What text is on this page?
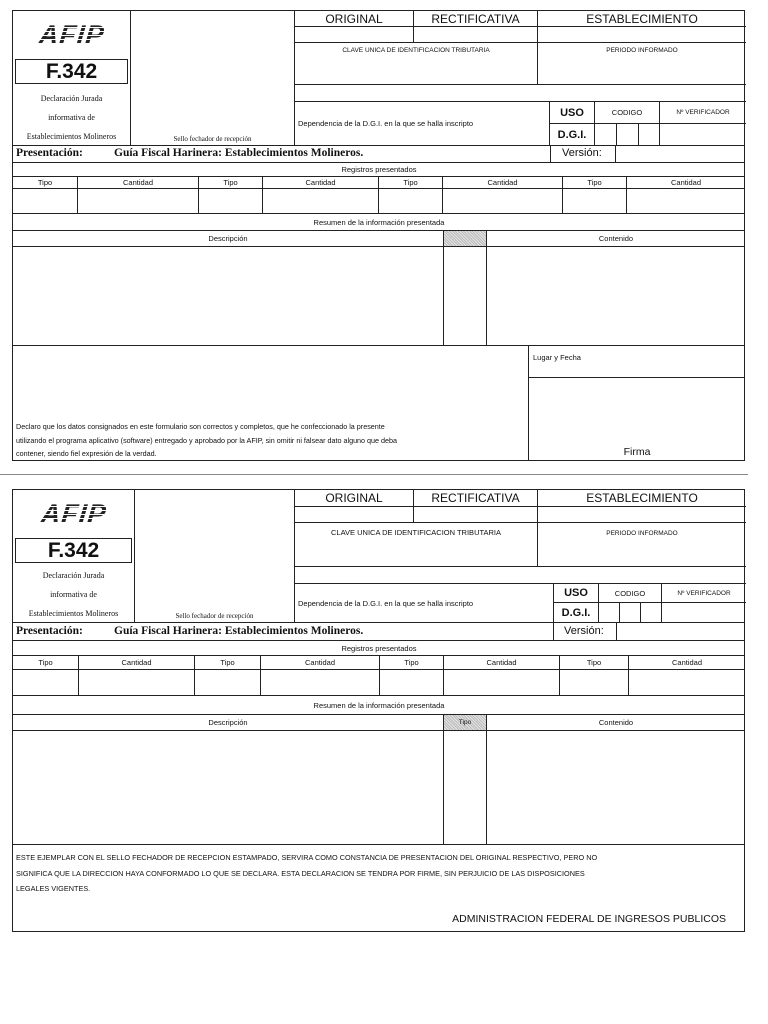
AFIP
F.342
Declaración Jurada
informativa de
Establecimientos Molineros	Sello fechador de recepción
ORIGINAL	RECTIFICATIVA	ESTABLECIMIENTO
CLAVE UNICA DE IDENTIFICACION TRIBUTARIA	PERIODO INFORMADO
Dependencia de la D.G.I. en la que se halla inscripto
USO
D.G.I.
CODIGO	Nº VERIFICADOR
Presentación:	Guía Fiscal Harinera: Establecimientos Molineros.	Versión:
Registros presentados
Tipo	Cantidad	Tipo	Cantidad	Tipo	Cantidad	Tipo	Cantidad
Resumen de la información presentada
Descripción	Contenido
Declaro que los datos consignados en este formulario son correctos y completos, que he confeccionado la presente
utilizando el programa aplicativo (software) entregado y aprobado por la AFIP, sin omitir ni falsear dato alguno que deba
contener, siendo fiel expresión de la verdad.
Lugar y Fecha
Firma
AFIP
F.342
Declaración Jurada
informativa de
Establecimientos Molineros	Sello fechador de recepción
ORIGINAL	RECTIFICATIVA	ESTABLECIMIENTO
CLAVE UNICA DE IDENTIFICACION TRIBUTARIA	PERIODO INFORMADO
Dependencia de la D.G.I. en la que se halla inscripto
USO
D.G.I.
CODIGO	Nº VERIFICADOR
Presentación:	Guía Fiscal Harinera: Establecimientos Molineros.	Versión:
Registros presentados
Tipo	Cantidad	Tipo	Cantidad	Tipo	Cantidad	Tipo	Cantidad
Resumen de la información presentada
Descripción	Tipo	Contenido
ESTE EJEMPLAR CON EL SELLO FECHADOR DE RECEPCION ESTAMPADO, SERVIRA COMO CONSTANCIA DE PRESENTACION DEL ORIGINAL RESPECTIVO, PERO NO
SIGNIFICA QUE LA DIRECCION HAYA CONFORMADO LO QUE SE DECLARA. ESTA DECLARACION SE TENDRA POR FIRME, SIN PERJUICIO DE LAS DISPOSICIONES
LEGALES VIGENTES.
ADMINISTRACION FEDERAL DE INGRESOS PUBLICOS
